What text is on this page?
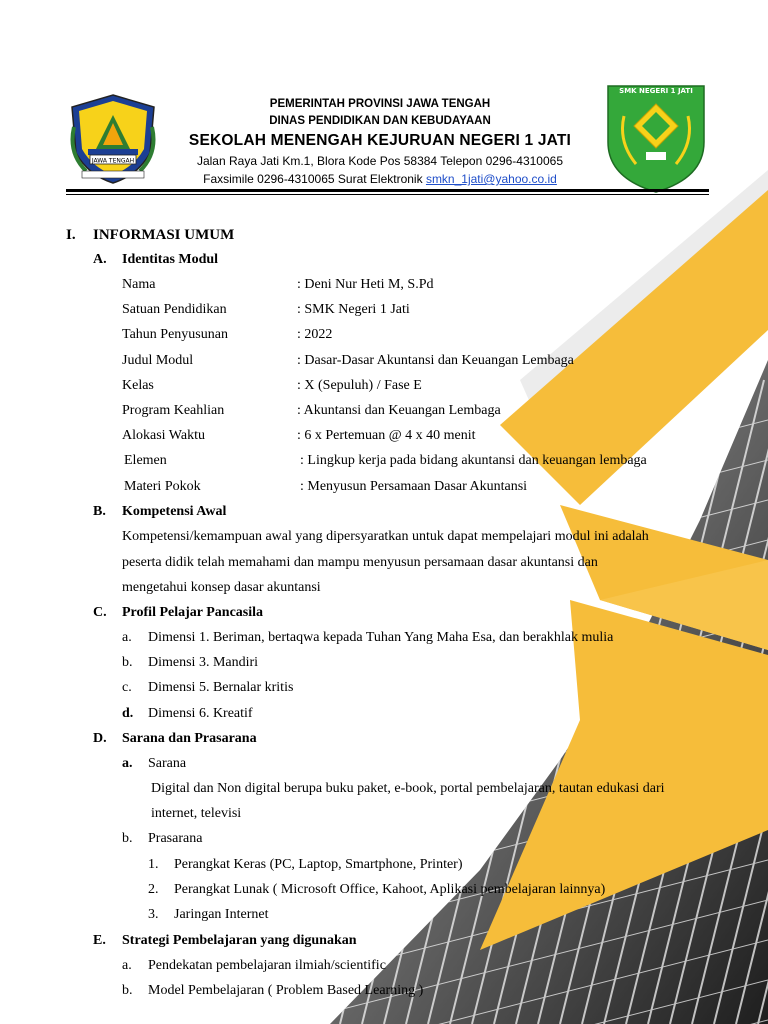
JAWA TENGAH
SMK NEGERI 1 JATI
PEMERINTAH PROVINSI JAWA TENGAH
DINAS PENDIDIKAN DAN KEBUDAYAAN
SEKOLAH MENENGAH KEJURUAN NEGERI 1 JATI
Jalan Raya Jati Km.1, Blora Kode Pos 58384 Telepon 0296-4310065
Faxsimile 0296-4310065 Surat Elektronik smkn_1jati@yahoo.co.id
I. INFORMASI UMUM
A. Identitas Modul
Nama	: Deni Nur Heti M, S.Pd
Satuan Pendidikan	: SMK Negeri 1 Jati
Tahun Penyusunan	: 2022
Judul Modul	: Dasar-Dasar Akuntansi dan Keuangan Lembaga
Kelas	: X (Sepuluh) / Fase E
Program Keahlian	: Akuntansi dan Keuangan Lembaga
Alokasi Waktu	: 6 x Pertemuan @ 4 x 40 menit
Elemen	: Lingkup kerja pada bidang akuntansi dan keuangan lembaga
Materi Pokok	: Menyusun Persamaan Dasar Akuntansi
B. Kompetensi Awal
Kompetensi/kemampuan awal yang dipersyaratkan untuk dapat mempelajari modul ini adalah
peserta didik telah memahami dan mampu menyusun persamaan dasar akuntansi dan
mengetahui konsep dasar akuntansi
C. Profil Pelajar Pancasila
a. Dimensi 1. Beriman, bertaqwa kepada Tuhan Yang Maha Esa, dan berakhlak mulia
b. Dimensi 3. Mandiri
c. Dimensi 5. Bernalar kritis
d. Dimensi 6. Kreatif
D. Sarana dan Prasarana
a. Sarana
Digital dan Non digital berupa buku paket, e-book, portal pembelajaran, tautan edukasi dari
internet, televisi
b. Prasarana
1. Perangkat Keras (PC, Laptop, Smartphone, Printer)
2. Perangkat Lunak ( Microsoft Office, Kahoot, Aplikasi pembelajaran lainnya)
3. Jaringan Internet
E. Strategi Pembelajaran yang digunakan
a. Pendekatan pembelajaran ilmiah/scientific
b. Model Pembelajaran ( Problem Based Learning )
